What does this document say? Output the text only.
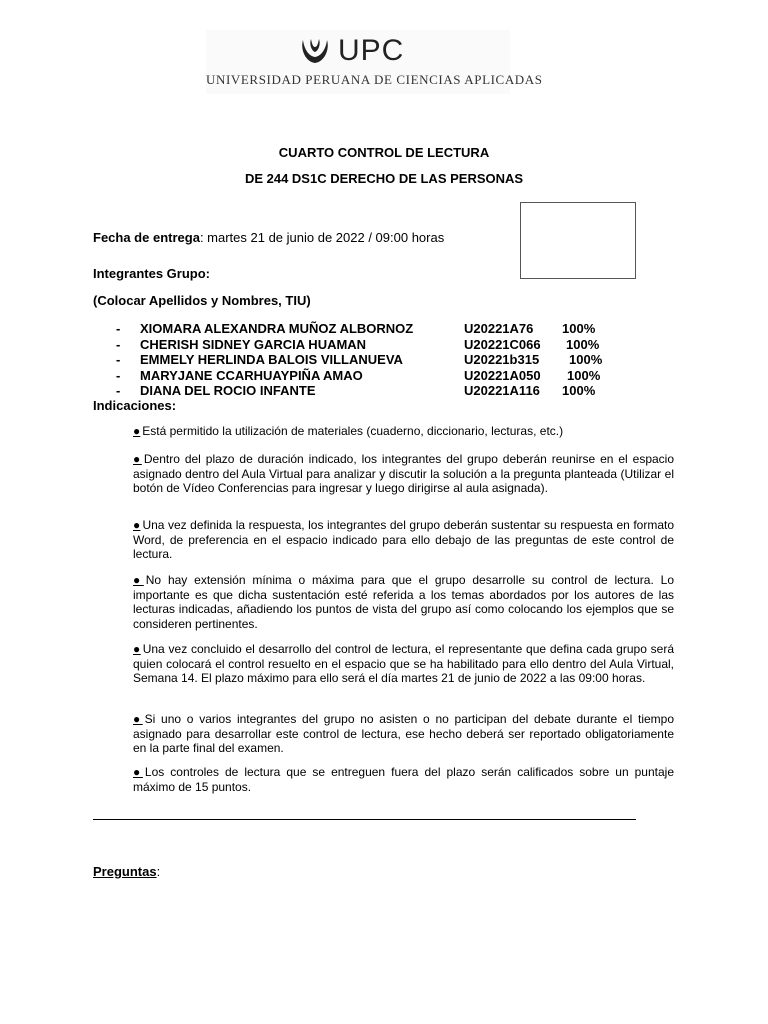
UPC
UNIVERSIDAD PERUANA DE CIENCIAS APLICADAS
CUARTO CONTROL DE LECTURA
DE 244 DS1C DERECHO DE LAS PERSONAS
Fecha de entrega: martes 21 de junio de 2022 / 09:00 horas
Integrantes Grupo:
(Colocar Apellidos y Nombres, TIU)
- XIOMARA ALEXANDRA MUÑOZ ALBORNOZ	U20221A76 100%
- CHERISH SIDNEY GARCIA HUAMAN	U20221C066 100%
- EMMELY HERLINDA BALOIS VILLANUEVA	U20221b315 100%
- MARYJANE CCARHUAYPIÑA AMAO	U20221A050 100%
- DIANA DEL ROCIO INFANTE	U20221A116 100%
Indicaciones:
● Está permitido la utilización de materiales (cuaderno, diccionario, lecturas, etc.)
● Dentro del plazo de duración indicado, los integrantes del grupo deberán reunirse en el espacio asignado dentro del Aula Virtual para analizar y discutir la solución a la pregunta planteada (Utilizar el botón de Vídeo Conferencias para ingresar y luego dirigirse al aula asignada).
● Una vez definida la respuesta, los integrantes del grupo deberán sustentar su respuesta en formato Word, de preferencia en el espacio indicado para ello debajo de las preguntas de este control de lectura.
● No hay extensión mínima o máxima para que el grupo desarrolle su control de lectura. Lo importante es que dicha sustentación esté referida a los temas abordados por los autores de las lecturas indicadas, añadiendo los puntos de vista del grupo así como colocando los ejemplos que se consideren pertinentes.
● Una vez concluido el desarrollo del control de lectura, el representante que defina cada grupo será quien colocará el control resuelto en el espacio que se ha habilitado para ello dentro del Aula Virtual, Semana 14. El plazo máximo para ello será el día martes 21 de junio de 2022 a las 09:00 horas.
● Si uno o varios integrantes del grupo no asisten o no participan del debate durante el tiempo asignado para desarrollar este control de lectura, ese hecho deberá ser reportado obligatoriamente en la parte final del examen.
● Los controles de lectura que se entreguen fuera del plazo serán calificados sobre un puntaje máximo de 15 puntos.
Preguntas:
